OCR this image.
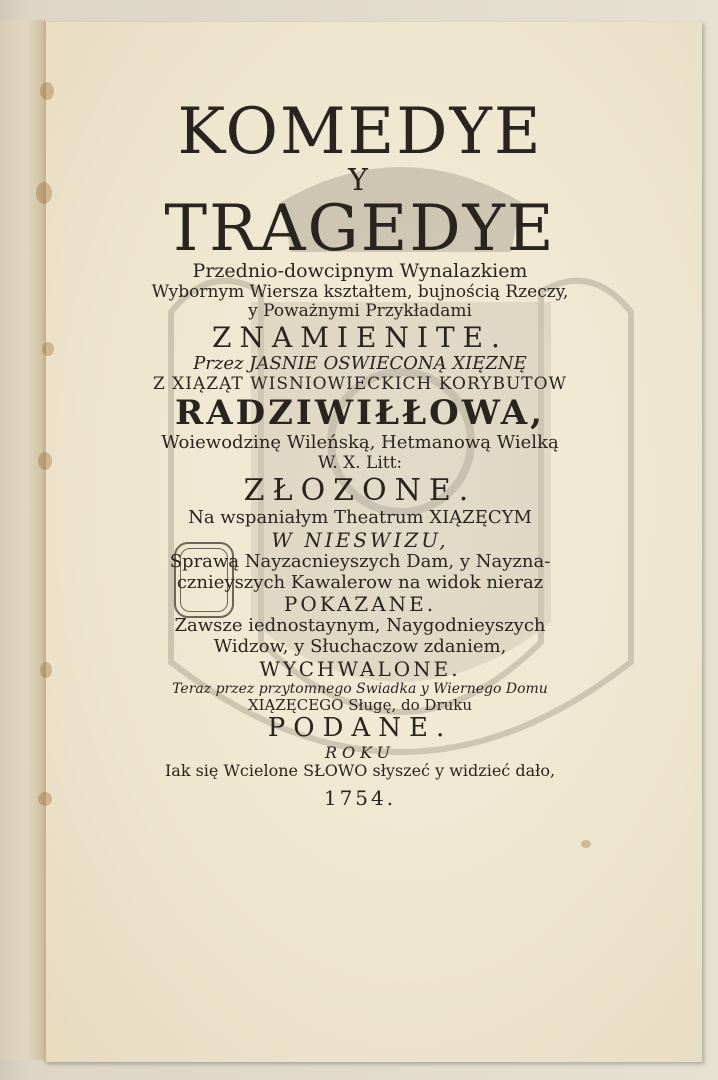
KOMEDYE
Y
TRAGEDYE
Przednio-dowcipnym Wynalazkiem
Wybornym Wiersza kształtem, bujnością Rzeczy,
y Poważnymi Przykładami
ZNAMIENITE.
Przez JASNIE OSWIECONĄ XIĘZNĘ
Z XIĄZĄT WISNIOWIECKICH KORYBUTOW
RADZIWIŁŁOWA,
Woiewodzinę Wileńską, Hetmanową Wielką
W. X. Litt:
ZŁOZONE.
Na wspaniałym Theatrum XIĄZĘCYM
W NIESWIZU,
Sprawą Nayzacnieyszych Dam, y Nayzna-
cznieyszych Kawalerow na widok nieraz
POKAZANE.
Zawsze iednostaynym, Naygodnieyszych
Widzow, y Słuchaczow zdaniem,
WYCHWALONE.
Teraz przez przytomnego Swiadka y Wiernego Domu
XIĄZĘCEGO Sługę, do Druku
PODANE.
ROKU
Iak się Wcielone SŁOWO słyszeć y widzieć dało,
1754.
